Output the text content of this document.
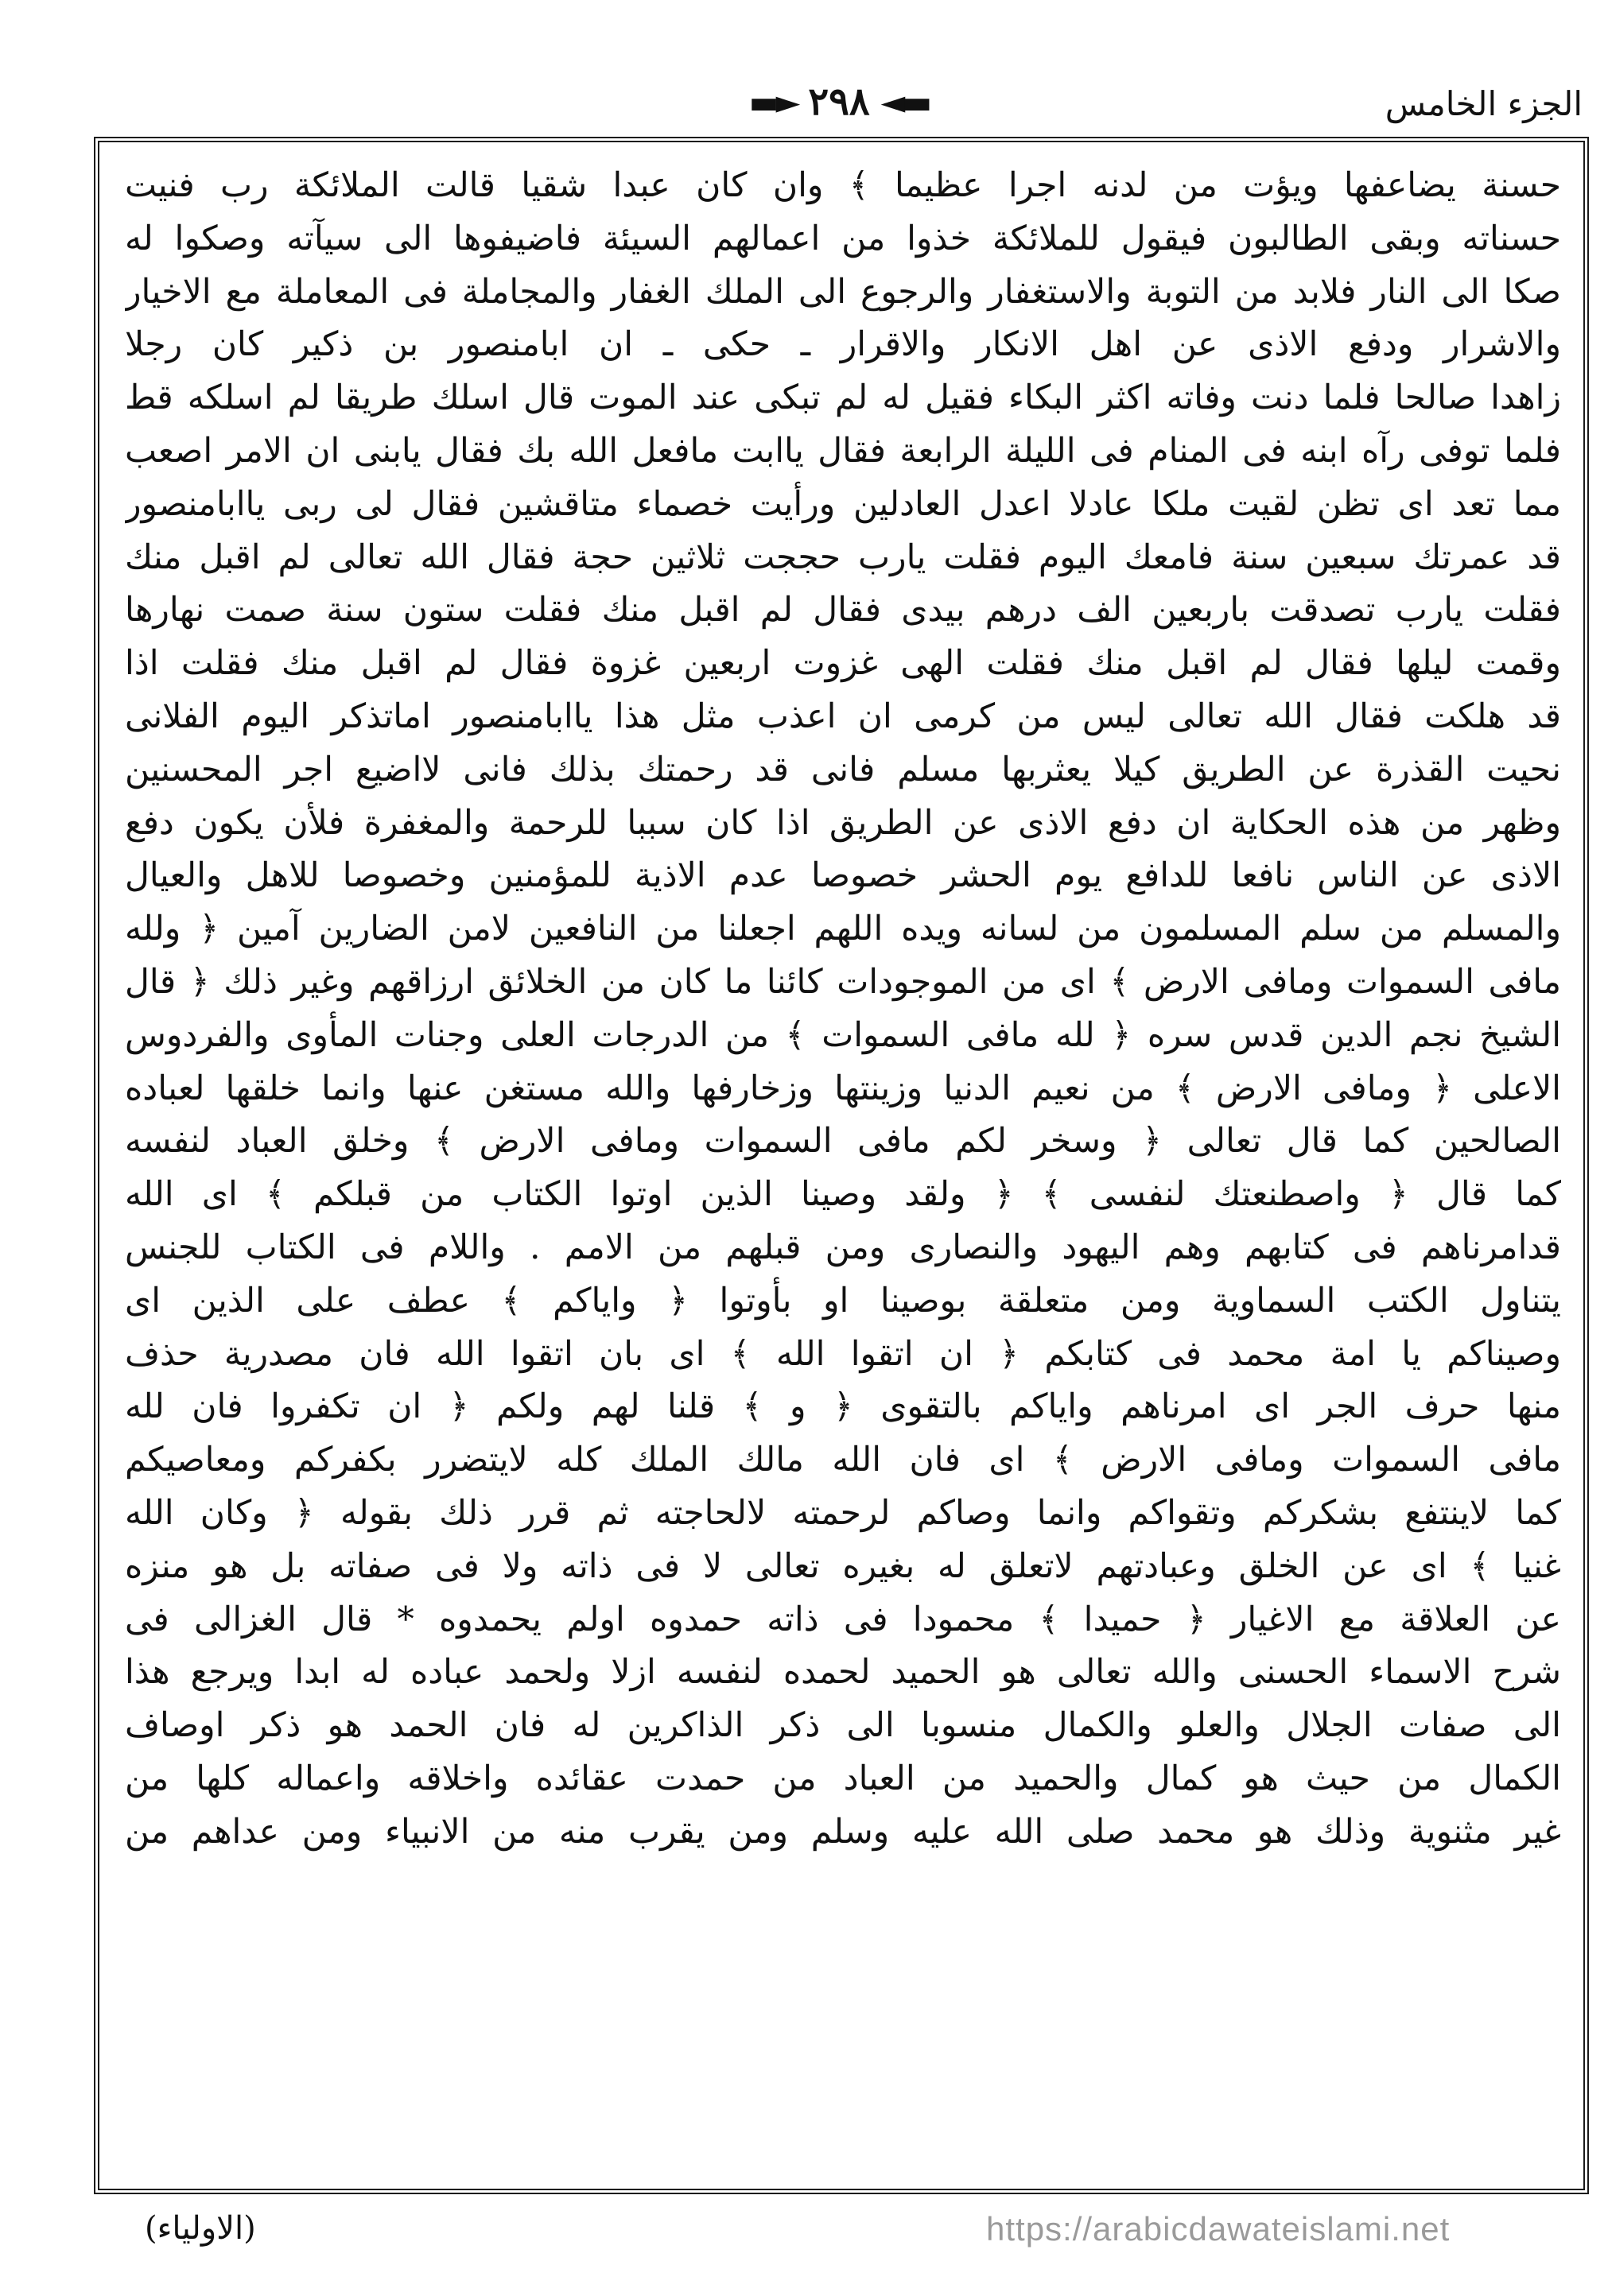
▬► ٢٩٨ ◄▬	الجزء الخامس
حسنة يضاعفها ويؤت من لدنه اجرا عظيما ﴾ وان كان عبدا شقيا قالت الملائكة رب فنيت
حسناته وبقى الطالبون فيقول للملائكة خذوا من اعمالهم السيئة فاضيفوها الى سيآته وصكوا له
صكا الى النار فلابد من التوبة والاستغفار والرجوع الى الملك الغفار والمجاملة فى المعاملة مع الاخيار
والاشرار ودفع الاذى عن اهل الانكار والاقرار ـ حكى ـ ان ابامنصور بن ذكير كان رجلا
زاهدا صالحا فلما دنت وفاته اكثر البكاء فقيل له لم تبكى عند الموت قال اسلك طريقا لم اسلكه قط
فلما توفى رآه ابنه فى المنام فى الليلة الرابعة فقال ياابت مافعل الله بك فقال يابنى ان الامر اصعب
مما تعد اى تظن لقيت ملكا عادلا اعدل العادلين ورأيت خصماء متاقشين فقال لى ربى ياابامنصور
قد عمرتك سبعين سنة فامعك اليوم فقلت يارب حججت ثلاثين حجة فقال الله تعالى لم اقبل منك
فقلت يارب تصدقت باربعين الف درهم بيدى فقال لم اقبل منك فقلت ستون سنة صمت نهارها
وقمت ليلها فقال لم اقبل منك فقلت الهى غزوت اربعين غزوة فقال لم اقبل منك فقلت اذا
قد هلكت فقال الله تعالى ليس من كرمى ان اعذب مثل هذا ياابامنصور اماتذكر اليوم الفلانى
نحيت القذرة عن الطريق كيلا يعثربها مسلم فانى قد رحمتك بذلك فانى لااضيع اجر المحسنين
وظهر من هذه الحكاية ان دفع الاذى عن الطريق اذا كان سببا للرحمة والمغفرة فلأن يكون دفع
الاذى عن الناس نافعا للدافع يوم الحشر خصوصا عدم الاذية للمؤمنين وخصوصا للاهل والعيال
والمسلم من سلم المسلمون من لسانه ويده اللهم اجعلنا من النافعين لامن الضارين آمين ﴿ ولله
مافى السموات ومافى الارض ﴾ اى من الموجودات كائنا ما كان من الخلائق ارزاقهم وغير ذلك ﴿ قال
الشيخ نجم الدين قدس سره ﴿ لله مافى السموات ﴾ من الدرجات العلى وجنات المأوى والفردوس
الاعلى ﴿ ومافى الارض ﴾ من نعيم الدنيا وزينتها وزخارفها والله مستغن عنها وانما خلقها لعباده
الصالحين كما قال تعالى ﴿ وسخر لكم مافى السموات ومافى الارض ﴾ وخلق العباد لنفسه
كما قال ﴿ واصطنعتك لنفسى ﴾ ﴿ ولقد وصينا الذين اوتوا الكتاب من قبلكم ﴾ اى الله
قدامرناهم فى كتابهم وهم اليهود والنصارى ومن قبلهم من الامم . واللام فى الكتاب للجنس
يتناول الكتب السماوية ومن متعلقة بوصينا او بأوتوا ﴿ واياكم ﴾ عطف على الذين اى
وصيناكم يا امة محمد فى كتابكم ﴿ ان اتقوا الله ﴾ اى بان اتقوا الله فان مصدرية حذف
منها حرف الجر اى امرناهم واياكم بالتقوى ﴿ و ﴾ قلنا لهم ولكم ﴿ ان تكفروا فان لله
مافى السموات ومافى الارض ﴾ اى فان الله مالك الملك كله لايتضرر بكفركم ومعاصيكم
كما لاينتفع بشكركم وتقواكم وانما وصاكم لرحمته لالحاجته ثم قرر ذلك بقوله ﴿ وكان الله
غنيا ﴾ اى عن الخلق وعبادتهم لاتعلق له بغيره تعالى لا فى ذاته ولا فى صفاته بل هو منزه
عن العلاقة مع الاغيار ﴿ حميدا ﴾ محمودا فى ذاته حمدوه اولم يحمدوه * قال الغزالى فى
شرح الاسماء الحسنى والله تعالى هو الحميد لحمده لنفسه ازلا ولحمد عباده له ابدا ويرجع هذا
الى صفات الجلال والعلو والكمال منسوبا الى ذكر الذاكرين له فان الحمد هو ذكر اوصاف
الكمال من حيث هو كمال والحميد من العباد من حمدت عقائده واخلاقه واعماله كلها من
غير مثنوية وذلك هو محمد صلى الله عليه وسلم ومن يقرب منه من الانبياء ومن عداهم من
(الاولياء)	https://arabicdawateislami.net
